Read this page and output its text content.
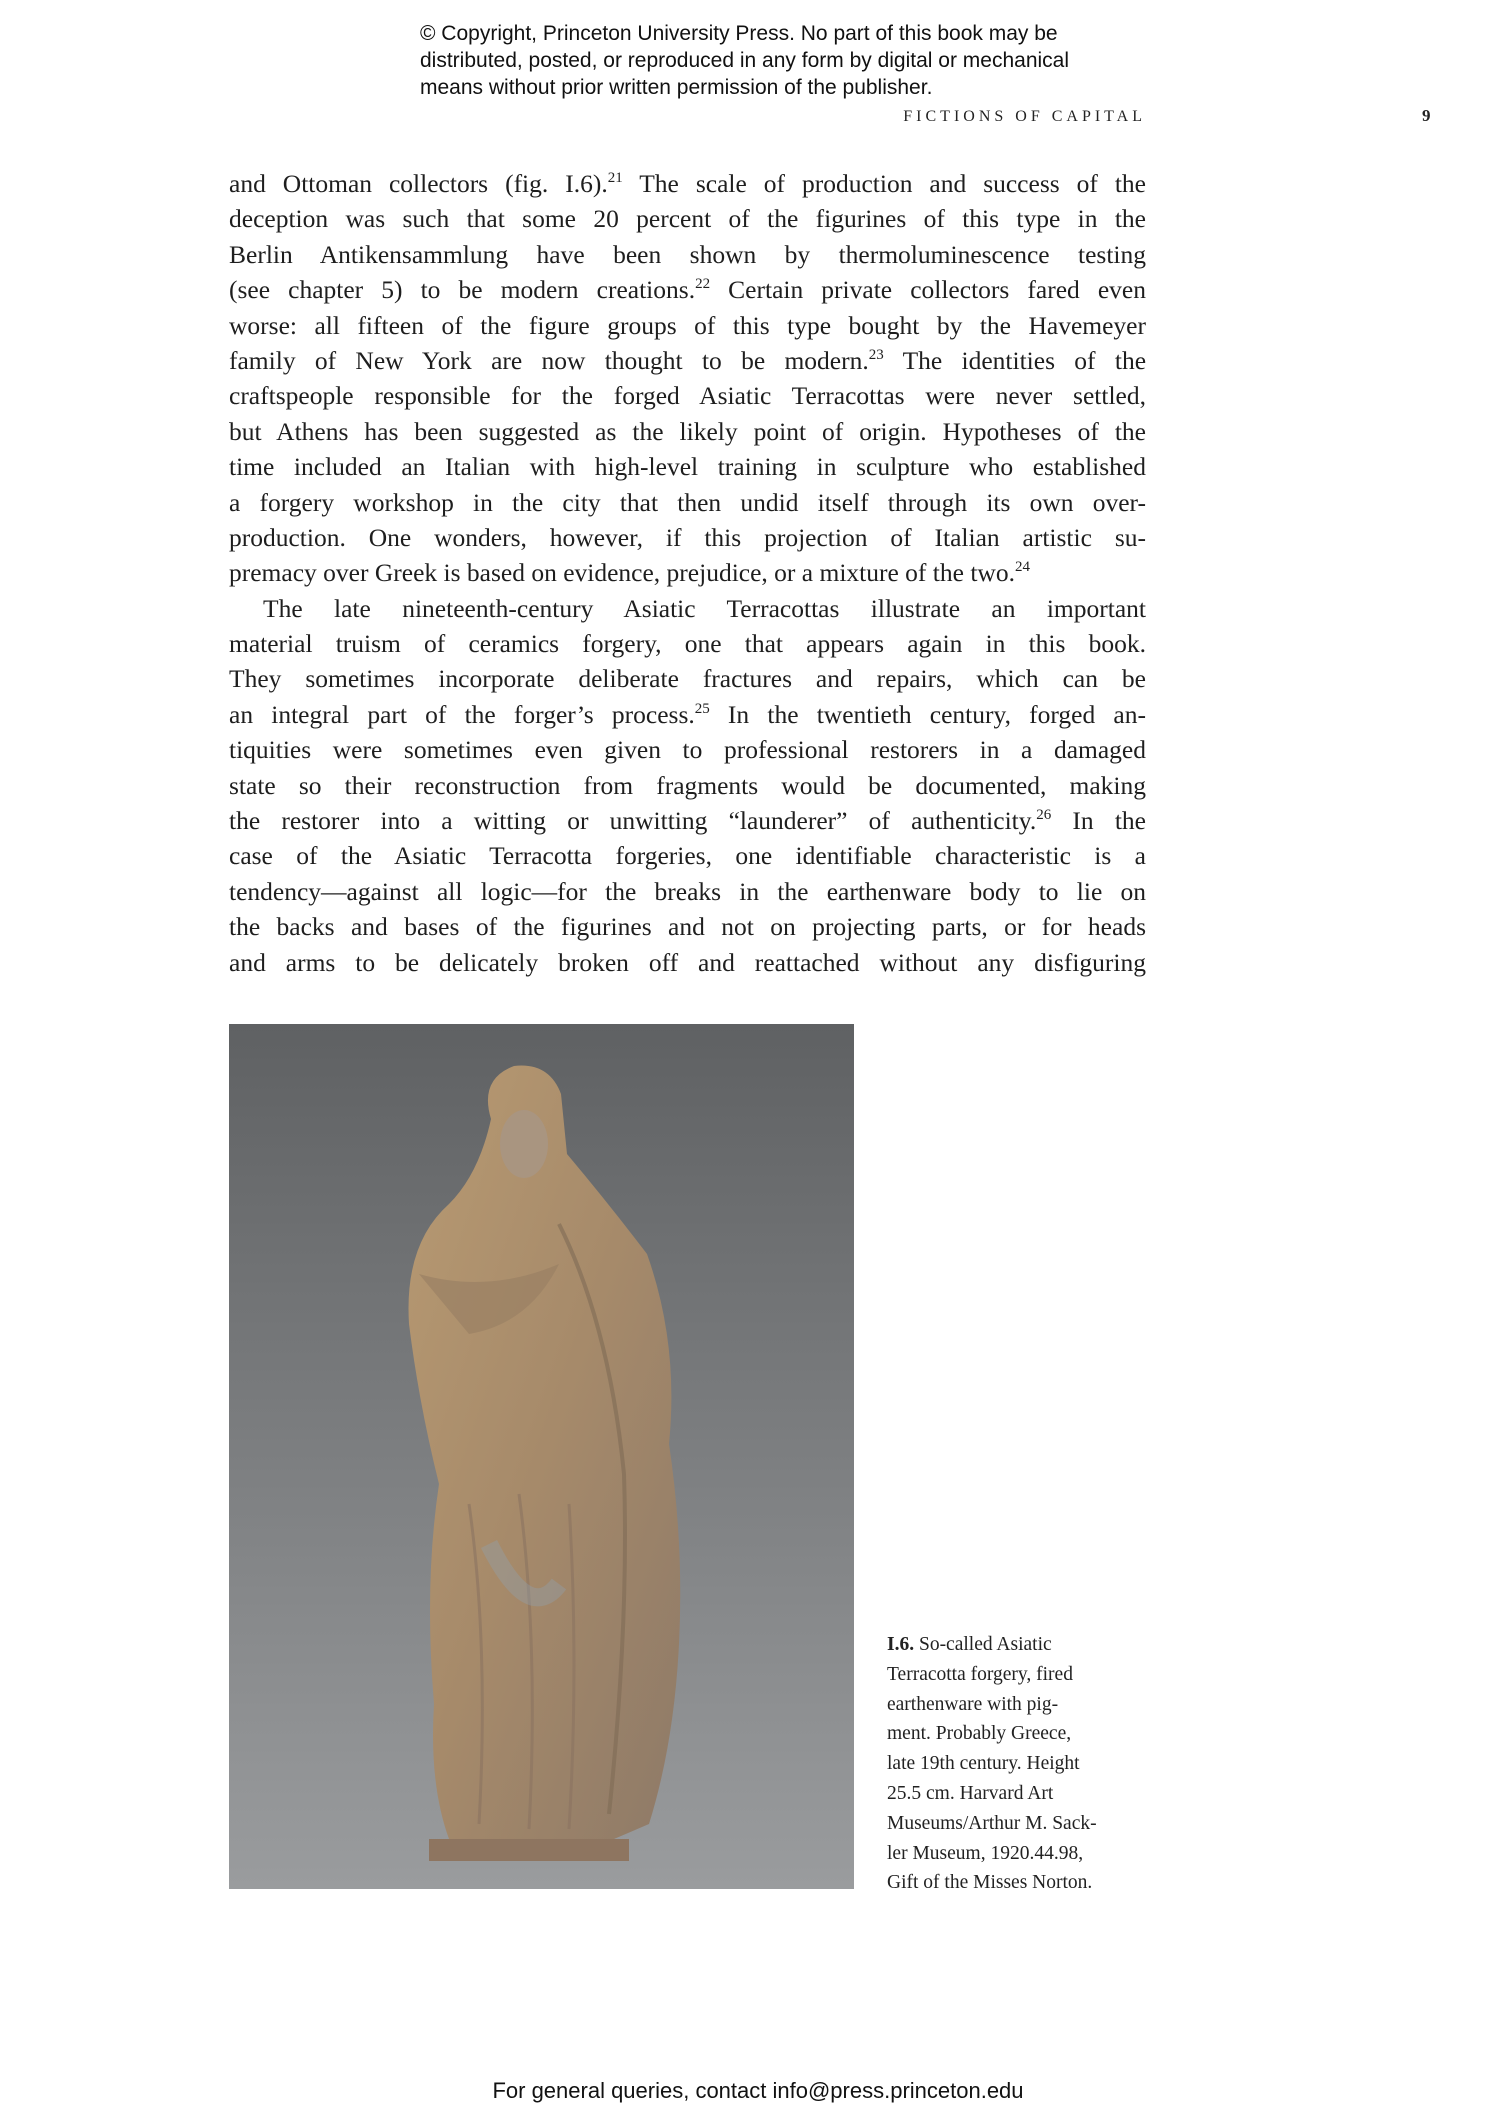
© Copyright, Princeton University Press. No part of this book may be
distributed, posted, or reproduced in any form by digital or mechanical
means without prior written permission of the publisher.
FICTIONS OF CAPITAL	9
and Ottoman collectors (fig. I.6).$^{21}$ The scale of production and success of the
deception was such that some 20 percent of the figurines of this type in the
Berlin Antikensammlung have been shown by thermoluminescence testing
(see chapter 5) to be modern creations.$^{22}$ Certain private collectors fared even
worse: all fifteen of the figure groups of this type bought by the Havemeyer
family of New York are now thought to be modern.$^{23}$ The identities of the
craftspeople responsible for the forged Asiatic Terracottas were never settled,
but Athens has been suggested as the likely point of origin. Hypotheses of the
time included an Italian with high-level training in sculpture who established
a forgery workshop in the city that then undid itself through its own over-
production. One wonders, however, if this projection of Italian artistic su-
premacy over Greek is based on evidence, prejudice, or a mixture of the two.$^{24}$
The late nineteenth-century Asiatic Terracottas illustrate an important
material truism of ceramics forgery, one that appears again in this book.
They sometimes incorporate deliberate fractures and repairs, which can be
an integral part of the forger’s process.$^{25}$ In the twentieth century, forged an-
tiquities were sometimes even given to professional restorers in a damaged
state so their reconstruction from fragments would be documented, making
the restorer into a witting or unwitting “launderer” of authenticity.$^{26}$ In the
case of the Asiatic Terracotta forgeries, one identifiable characteristic is a
tendency—against all logic—for the breaks in the earthenware body to lie on
the backs and bases of the figurines and not on projecting parts, or for heads
and arms to be delicately broken off and reattached without any disfiguring
I.6. So-called Asiatic
Terracotta forgery, fired
earthenware with pig-
ment. Probably Greece,
late 19th century. Height
25.5 cm. Harvard Art
Museums/Arthur M. Sack-
ler Museum, 1920.44.98,
Gift of the Misses Norton.
For general queries, contact info@press.princeton.edu
